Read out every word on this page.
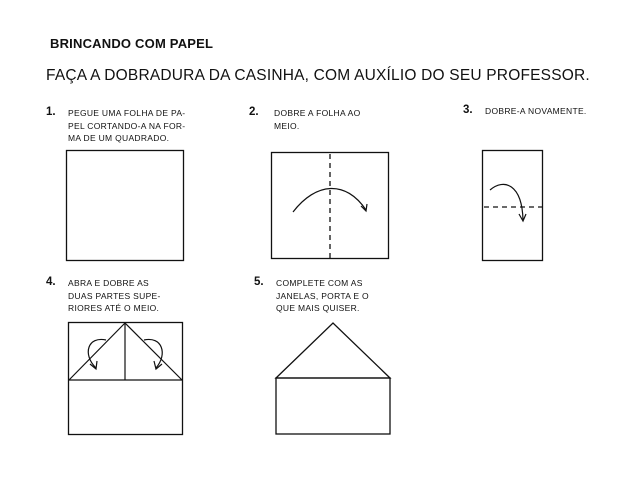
BRINCANDO COM PAPEL
FAÇA A DOBRADURA DA CASINHA, COM AUXÍLIO DO SEU PROFESSOR.
1. PEGUE UMA FOLHA DE PA-
PEL CORTANDO-A NA FOR-
MA DE UM QUADRADO.
2. DOBRE A FOLHA AO
MEIO.
3. DOBRE-A NOVAMENTE.
4. ABRA E DOBRE AS
DUAS PARTES SUPE-
RIORES ATÉ O MEIO.
5. COMPLETE COM AS
JANELAS, PORTA E O
QUE MAIS QUISER.
